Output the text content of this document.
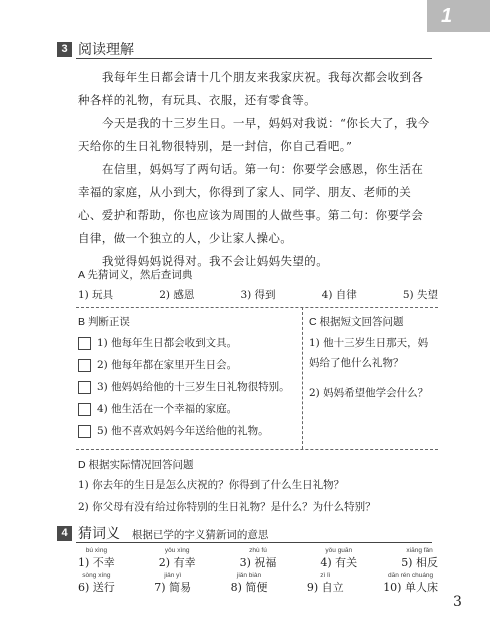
1
3 阅读理解

我每年生日都会请十几个朋友来我家庆祝。我每次都会收到各种各样的礼物，有玩具、衣服，还有零食等。

今天是我的十三岁生日。一早，妈妈对我说：“你长大了，我今天给你的生日礼物很特别，是一封信，你自己看吧。”

在信里，妈妈写了两句话。第一句：你要学会感恩，你生活在幸福的家庭，从小到大，你得到了家人、同学、朋友、老师的关心、爱护和帮助，你也应该为周围的人做些事。第二句：你要学会自律，做一个独立的人，少让家人操心。

我觉得妈妈说得对。我不会让妈妈失望的。

A 先猜词义，然后查词典
1) 玩具	2) 感恩	3) 得到	4) 自律	5) 失望
B 判断正误
1) 他每年生日都会收到文具。
2) 他每年都在家里开生日会。
3) 他妈妈给他的十三岁生日礼物很特别。
4) 他生活在一个幸福的家庭。
5) 他不喜欢妈妈今年送给他的礼物。
C 根据短文回答问题
1) 他十三岁生日那天，妈妈给了他什么礼物？
2) 妈妈希望他学会什么？
D 根据实际情况回答问题
1) 你去年的生日是怎么庆祝的？你得到了什么生日礼物？
2) 你父母有没有给过你特别的生日礼物？是什么？为什么特别？
4 猜词义 根据已学的字义猜新词的意思
bú xìng
1) 不幸
yǒu xìng
2) 有幸
zhù fú
3) 祝福
yǒu guān
4) 有关
xiāng fǎn
5) 相反
sòng xíng
6) 送行
jiǎn yì
7) 简易
jiǎn biàn
8) 简便
zì lì
9) 自立
dān rén chuáng
10) 单人床
3
